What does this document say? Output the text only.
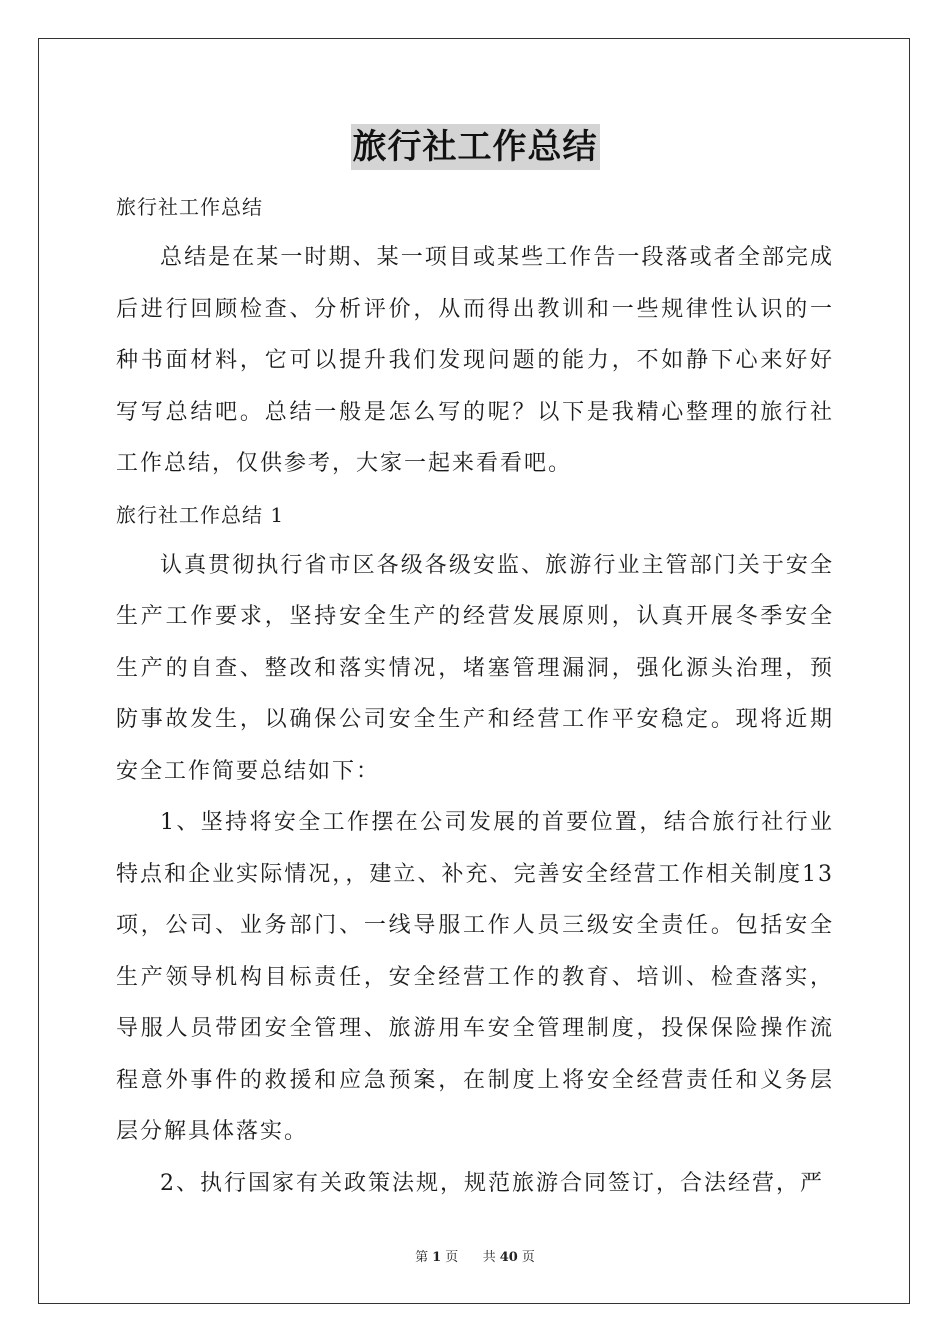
旅行社工作总结
旅行社工作总结

总结是在某一时期、某一项目或某些工作告一段落或者全部完成后进行回顾检查、分析评价，从而得出教训和一些规律性认识的一种书面材料，它可以提升我们发现问题的能力，不如静下心来好好写写总结吧。总结一般是怎么写的呢？以下是我精心整理的旅行社工作总结，仅供参考，大家一起来看看吧。

旅行社工作总结 1

认真贯彻执行省市区各级各级安监、旅游行业主管部门关于安全生产工作要求，坚持安全生产的经营发展原则，认真开展冬季安全生产的自查、整改和落实情况，堵塞管理漏洞，强化源头治理，预防事故发生，以确保公司安全生产和经营工作平安稳定。现将近期安全工作简要总结如下：

1、坚持将安全工作摆在公司发展的首要位置，结合旅行社行业特点和企业实际情况，，建立、补充、完善安全经营工作相关制度13 项，公司、业务部门、一线导服工作人员三级安全责任。包括安全生产领导机构目标责任，安全经营工作的教育、培训、检查落实，导服人员带团安全管理、旅游用车安全管理制度，投保保险操作流程意外事件的救援和应急预案，在制度上将安全经营责任和义务层层分解具体落实。

2、执行国家有关政策法规，规范旅游合同签订，合法经营，严

第 1 页 共 40 页
